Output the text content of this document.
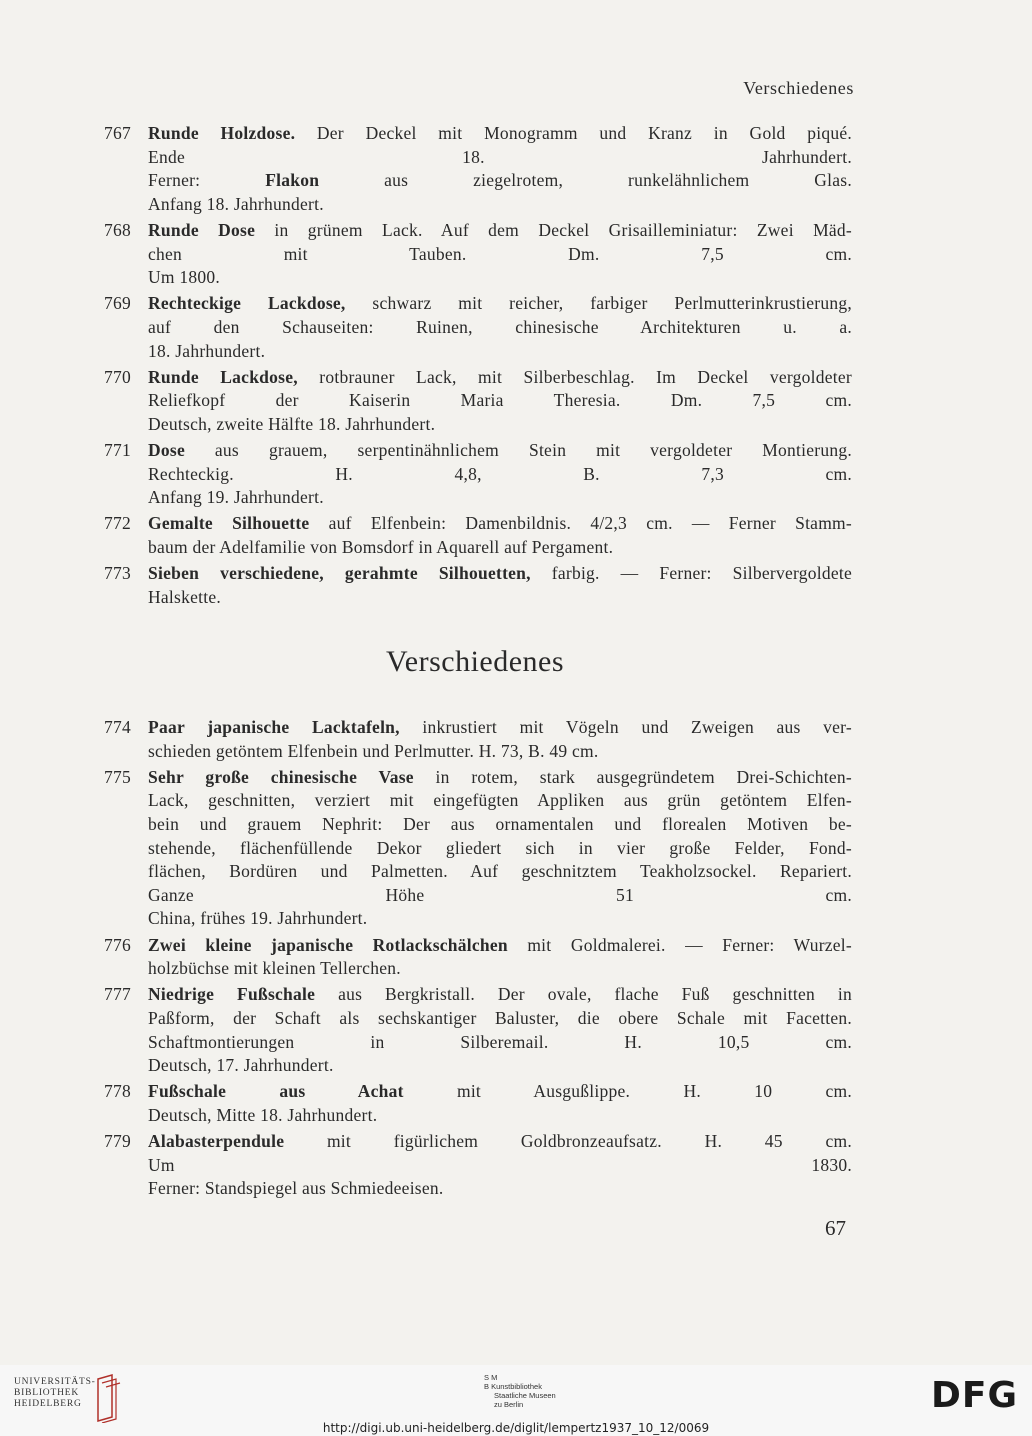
Verschiedenes
767 Runde Holzdose. Der Deckel mit Monogramm und Kranz in Gold piqué.
Ende 18. Jahrhundert.
Ferner: Flakon aus ziegelrotem, runkelähnlichem Glas.
Anfang 18. Jahrhundert.
768 Runde Dose in grünem Lack. Auf dem Deckel Grisailleminiatur: Zwei Mäd-
chen mit Tauben. Dm. 7,5 cm.
Um 1800.
769 Rechteckige Lackdose, schwarz mit reicher, farbiger Perlmutterinkrustierung,
auf den Schauseiten: Ruinen, chinesische Architekturen u. a.
18. Jahrhundert.
770 Runde Lackdose, rotbrauner Lack, mit Silberbeschlag. Im Deckel vergoldeter
Reliefkopf der Kaiserin Maria Theresia. Dm. 7,5 cm.
Deutsch, zweite Hälfte 18. Jahrhundert.
771 Dose aus grauem, serpentinähnlichem Stein mit vergoldeter Montierung.
Rechteckig. H. 4,8, B. 7,3 cm.
Anfang 19. Jahrhundert.
772 Gemalte Silhouette auf Elfenbein: Damenbildnis. 4/2,3 cm. — Ferner Stamm-
baum der Adelfamilie von Bomsdorf in Aquarell auf Pergament.
773 Sieben verschiedene, gerahmte Silhouetten, farbig. — Ferner: Silbervergoldete
Halskette.
Verschiedenes
774 Paar japanische Lacktafeln, inkrustiert mit Vögeln und Zweigen aus ver-
schieden getöntem Elfenbein und Perlmutter. H. 73, B. 49 cm.
775 Sehr große chinesische Vase in rotem, stark ausgegründetem Drei-Schichten-
Lack, geschnitten, verziert mit eingefügten Appliken aus grün getöntem Elfen-
bein und grauem Nephrit: Der aus ornamentalen und florealen Motiven be-
stehende, flächenfüllende Dekor gliedert sich in vier große Felder, Fond-
flächen, Bordüren und Palmetten. Auf geschnitztem Teakholzsockel. Repariert.
Ganze Höhe 51 cm.
China, frühes 19. Jahrhundert.
776 Zwei kleine japanische Rotlackschälchen mit Goldmalerei. — Ferner: Wurzel-
holzbüchse mit kleinen Tellerchen.
777 Niedrige Fußschale aus Bergkristall. Der ovale, flache Fuß geschnitten in
Paßform, der Schaft als sechskantiger Baluster, die obere Schale mit Facetten.
Schaftmontierungen in Silberemail. H. 10,5 cm.
Deutsch, 17. Jahrhundert.
778 Fußschale aus Achat mit Ausgußlippe. H. 10 cm.
Deutsch, Mitte 18. Jahrhundert.
779 Alabasterpendule mit figürlichem Goldbronzeaufsatz. H. 45 cm.
Um 1830.
Ferner: Standspiegel aus Schmiedeeisen.
67
UNIVERSITÄTS-
BIBLIOTHEK
HEIDELBERG
S M
B Kunstbibliothek
Staatliche Museen
zu Berlin	DFG
http://digi.ub.uni-heidelberg.de/diglit/lempertz1937_10_12/0069
